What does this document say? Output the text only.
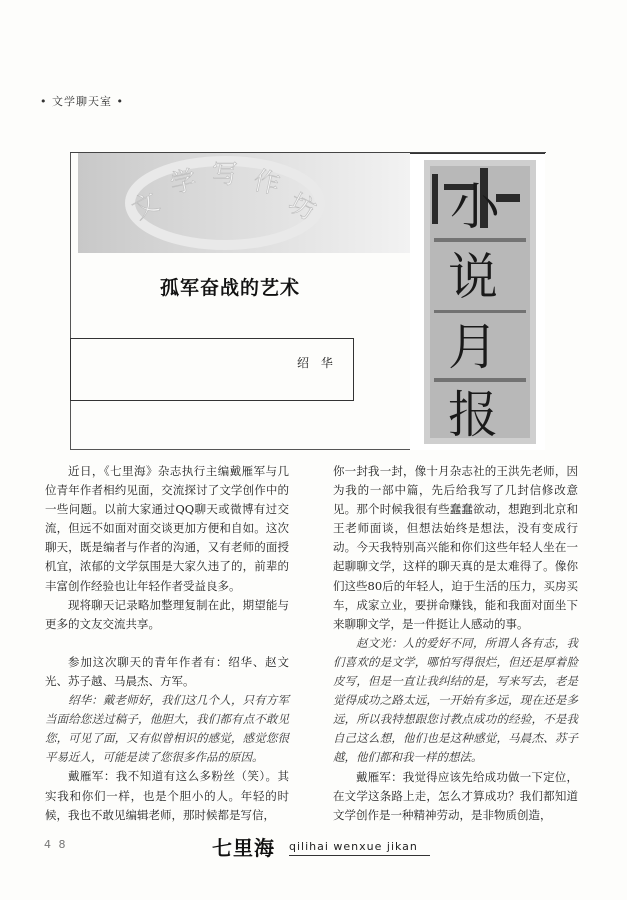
• 文学聊天室 •
文
学 写 作
坊
孤军奋战的艺术
绍 华
小
说
月
报

近日，《七里海》杂志执行主编戴雁军与几位青年作者相约见面，交流探讨了文学创作中的一些问题。以前大家通过QQ聊天或微博有过交流，但远不如面对面交谈更加方便和自如。这次聊天，既是编者与作者的沟通，又有老师的面授机宜，浓郁的文学氛围是大家久违了的，前辈的丰富创作经验也让年轻作者受益良多。

现将聊天记录略加整理复制在此，期望能与更多的文友交流共享。

参加这次聊天的青年作者有：绍华、赵文光、苏子越、马晨杰、方军。

绍华：戴老师好，我们这几个人，只有方军当面给您送过稿子，他胆大，我们都有点不敢见您，可见了面，又有似曾相识的感觉，感觉您很平易近人，可能是读了您很多作品的原因。

戴雁军：我不知道有这么多粉丝（笑）。其实我和你们一样，也是个胆小的人。年轻的时候，我也不敢见编辑老师，那时候都是写信，

你一封我一封，像十月杂志社的王洪先老师，因为我的一部中篇，先后给我写了几封信修改意见。那个时候我很有些蠢蠢欲动，想跑到北京和王老师面谈，但想法始终是想法，没有变成行动。今天我特别高兴能和你们这些年轻人坐在一起聊聊文学，这样的聊天真的是太难得了。像你们这些80后的年轻人，迫于生活的压力，买房买车，成家立业，要拼命赚钱，能和我面对面坐下来聊聊文学，是一件挺让人感动的事。

赵文光：人的爱好不同，所谓人各有志，我们喜欢的是文学，哪怕写得很烂，但还是厚着脸皮写，但是一直让我纠结的是，写来写去，老是觉得成功之路太远，一开始有多远，现在还是多远，所以我特想跟您讨教点成功的经验，不是我自己这么想，他们也是这种感觉，马晨杰、苏子越，他们都和我一样的想法。

戴雁军：我觉得应该先给成功做一下定位，在文学这条路上走，怎么才算成功？我们都知道文学创作是一种精神劳动，是非物质创造，

4 8	七里海 qilihai wenxue jikan
